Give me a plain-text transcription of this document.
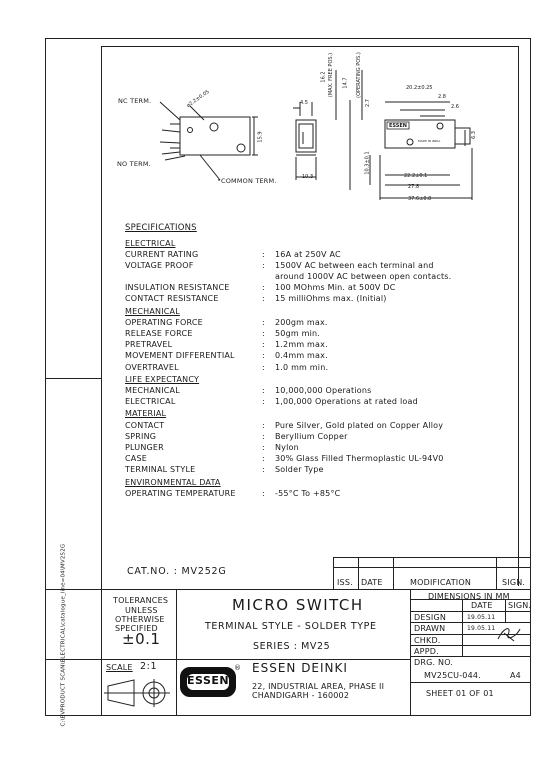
C:\EVPRODUCT SCAN\ELECTRICAL\catalogue_line=04\MV252G
ESSEN
MADE IN INDIA
NC TERM.
NO TERM.
COMMON TERM.
ø2.2±0.05
15.9
10.3
4.5
16.2 (MAX. FREE POS.) 14.7 (OPERATING POS.)
2.7
20.2±0.25
2.8
2.6
22.2±0.1
27.8
37.6±0.8
10.3±0.1
6.3
SPECIFICATIONS
ELECTRICAL
CURRENT RATING	: 16A at 250V AC
VOLTAGE PROOF	: 1500V AC between each terminal and
around 1000V AC between open contacts.
INSULATION RESISTANCE	: 100 MOhms Min. at 500V DC
CONTACT RESISTANCE	: 15 milliOhms max. (Initial)
MECHANICAL
OPERATING FORCE	: 200gm max.
RELEASE FORCE	: 50gm min.
PRETRAVEL	: 1.2mm max.
MOVEMENT DIFFERENTIAL	: 0.4mm max.
OVERTRAVEL	: 1.0 mm min.
LIFE EXPECTANCY
MECHANICAL	: 10,000,000 Operations
ELECTRICAL	: 1,00,000 Operations at rated load
MATERIAL
CONTACT	: Pure Silver, Gold plated on Copper Alloy
SPRING	: Beryllium Copper
PLUNGER	: Nylon
CASE	: 30% Glass Filled Thermoplastic UL-94V0
TERMINAL STYLE	: Solder Type
ENVIRONMENTAL DATA
OPERATING TEMPERATURE	: -55°C To +85°C
CAT.NO. : MV252G
ISS. DATE	MODIFICATION	SIGN.
TOLERANCES
UNLESS
OTHERWISE
SPECIFIED
±0.1
MICRO SWITCH
TERMINAL STYLE - SOLDER TYPE
SERIES : MV25
DIMENSIONS IN MM
DATE SIGN.
DESIGN	19.05.11
DRAWN	19.05.11
CHKD.
APPD.
SCALE 2:1
ESSEN
® ESSEN DEINKI
22, INDUSTRIAL AREA, PHASE II
CHANDIGARH - 160002
DRG. NO.
MV25CU-044.	A4
SHEET 01 OF 01
